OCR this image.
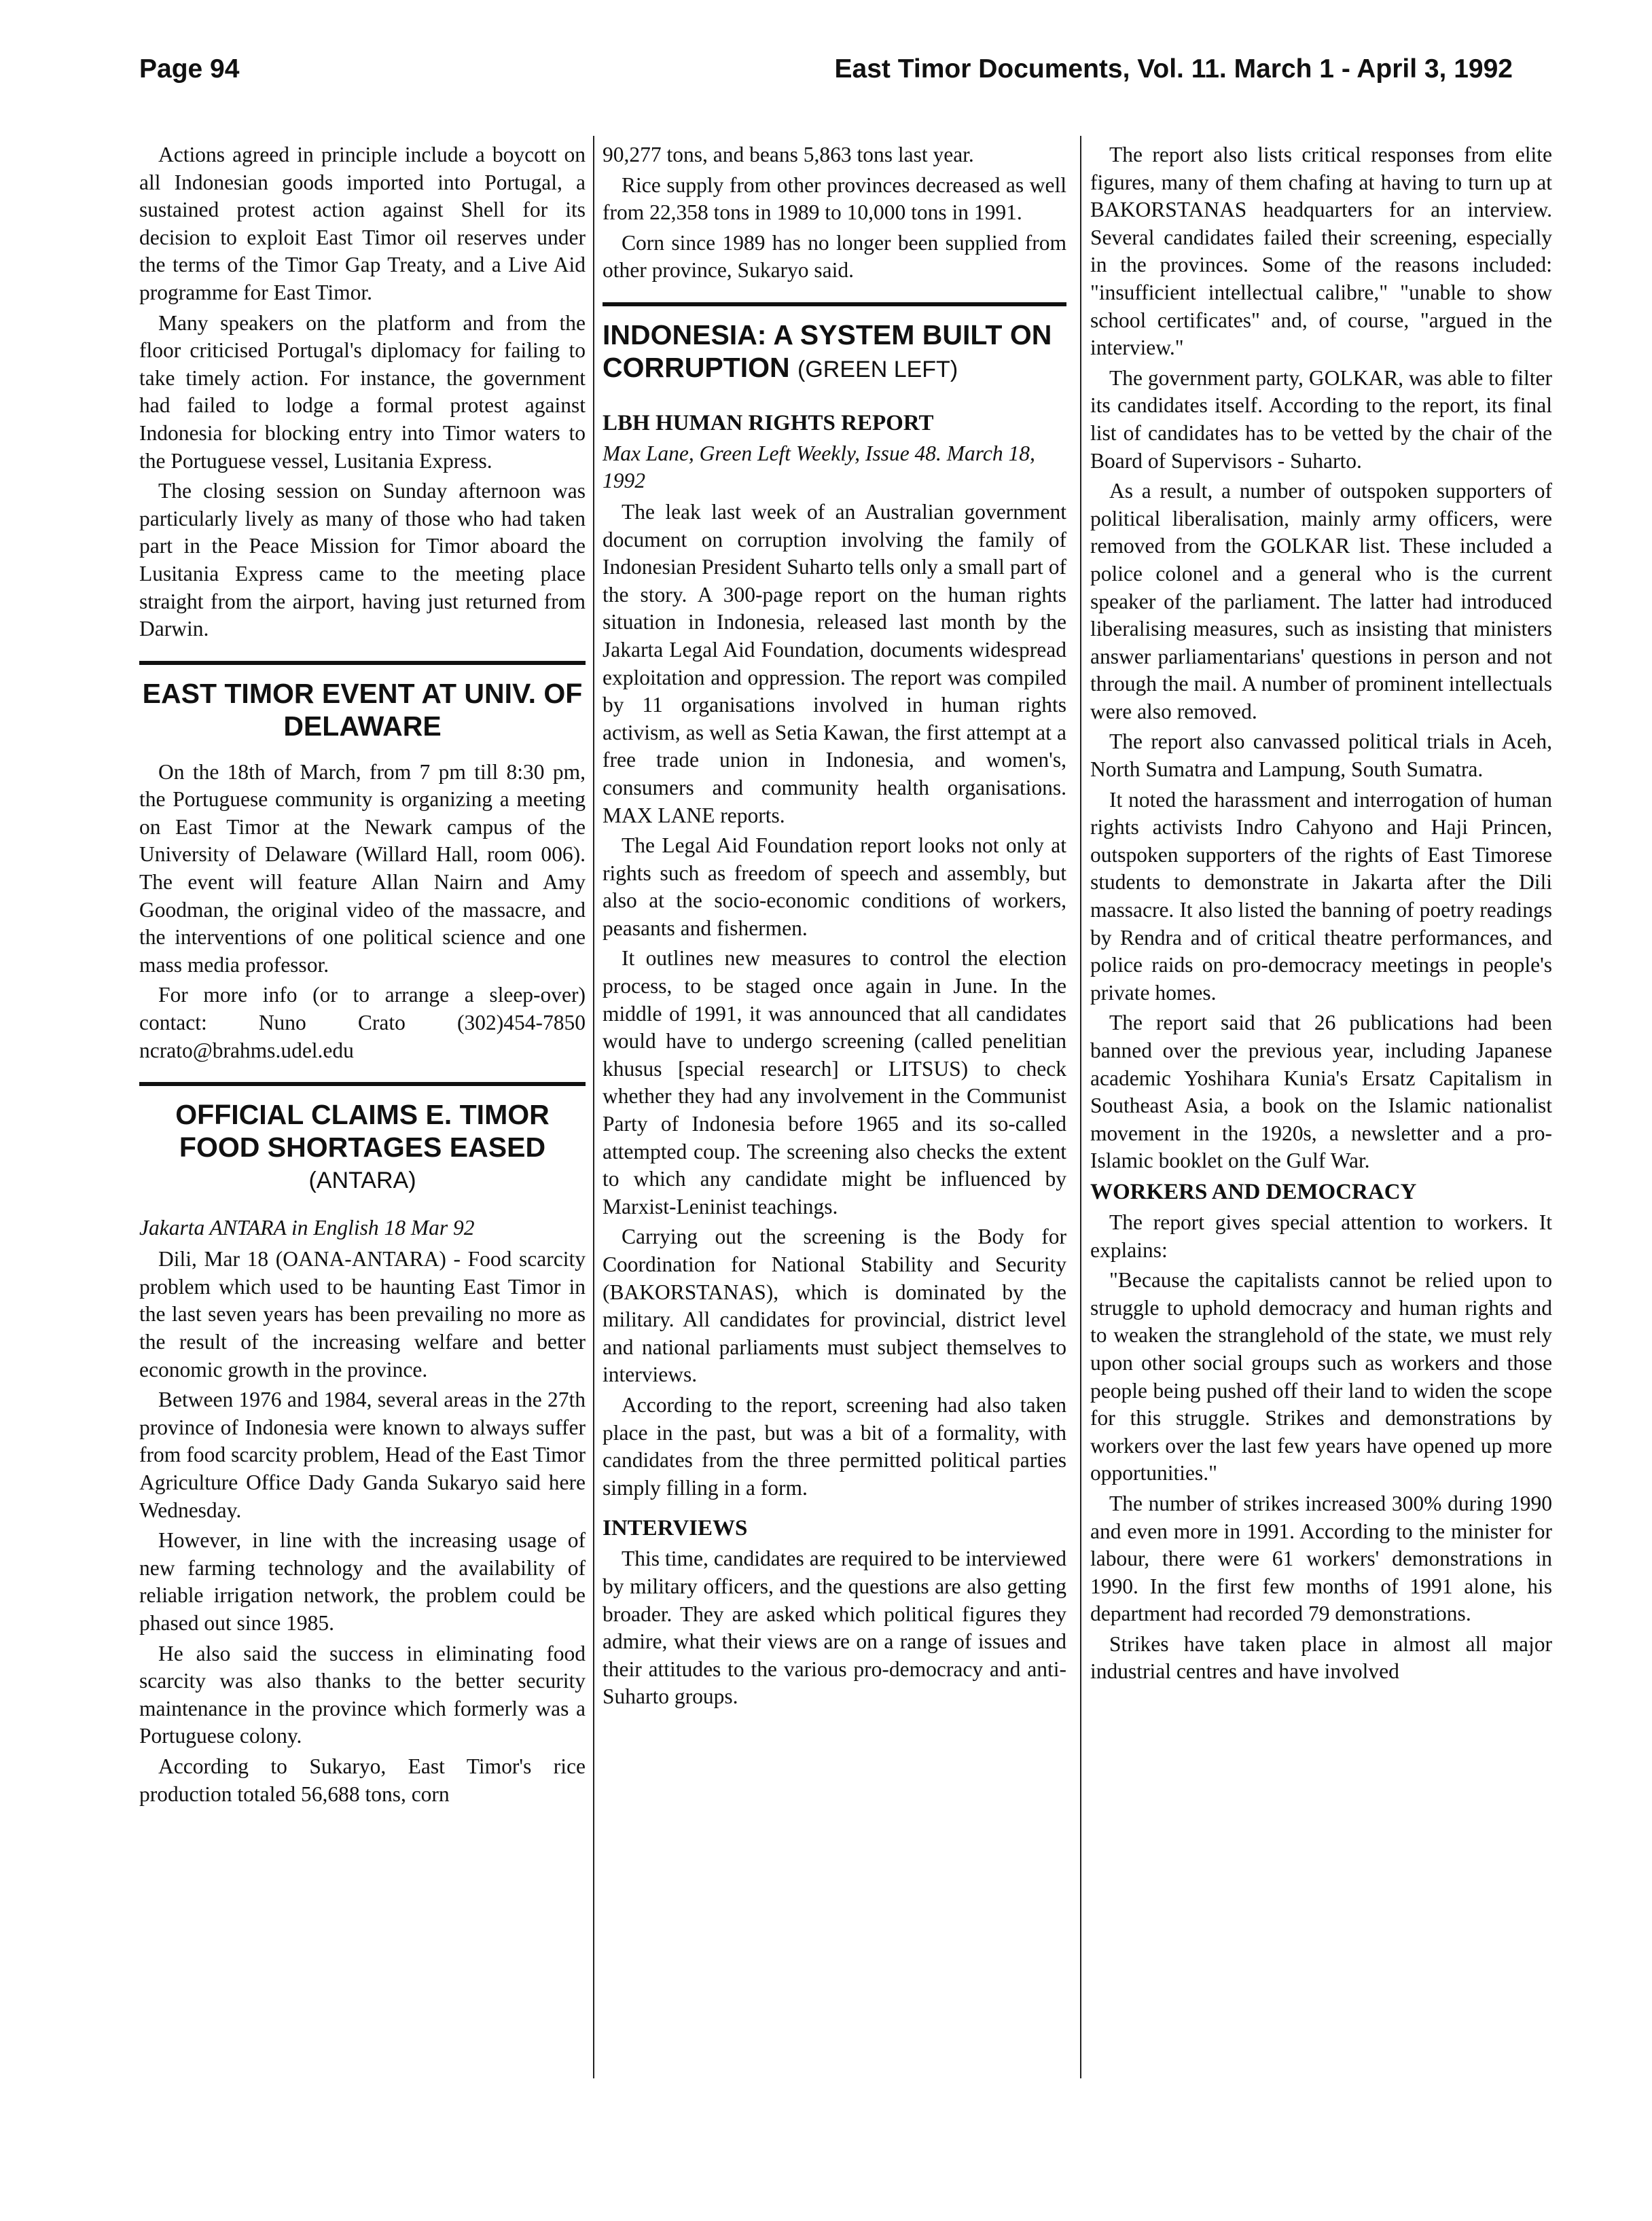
Page 94	East Timor Documents, Vol. 11. March 1 - April 3, 1992

Actions agreed in principle include a boycott on all Indonesian goods imported into Portugal, a sustained protest action against Shell for its decision to exploit East Timor oil reserves under the terms of the Timor Gap Treaty, and a Live Aid programme for East Timor.

Many speakers on the platform and from the floor criticised Portugal's diplomacy for failing to take timely action. For instance, the government had failed to lodge a formal protest against Indonesia for blocking entry into Timor waters to the Portuguese vessel, Lusitania Express.

The closing session on Sunday afternoon was particularly lively as many of those who had taken part in the Peace Mission for Timor aboard the Lusitania Express came to the meeting place straight from the airport, having just returned from Darwin.

EAST TIMOR EVENT AT UNIV. OF DELAWARE

On the 18th of March, from 7 pm till 8:30 pm, the Portuguese community is organizing a meeting on East Timor at the Newark campus of the University of Delaware (Willard Hall, room 006). The event will feature Allan Nairn and Amy Goodman, the original video of the massacre, and the interventions of one political science and one mass media professor.

For more info (or to arrange a sleep-over) contact: Nuno Crato (302)454-7850 ncrato@brahms.udel.edu

OFFICIAL CLAIMS E. TIMOR FOOD SHORTAGES EASED
(ANTARA)
Jakarta ANTARA in English 18 Mar 92

Dili, Mar 18 (OANA-ANTARA) - Food scarcity problem which used to be haunting East Timor in the last seven years has been prevailing no more as the result of the increasing welfare and better economic growth in the province.

Between 1976 and 1984, several areas in the 27th province of Indonesia were known to always suffer from food scarcity problem, Head of the East Timor Agriculture Office Dady Ganda Sukaryo said here Wednesday.

However, in line with the increasing usage of new farming technology and the availability of reliable irrigation network, the problem could be phased out since 1985.

He also said the success in eliminating food scarcity was also thanks to the better security maintenance in the province which formerly was a Portuguese colony.

According to Sukaryo, East Timor's rice production totaled 56,688 tons, corn

90,277 tons, and beans 5,863 tons last year.

Rice supply from other provinces decreased as well from 22,358 tons in 1989 to 10,000 tons in 1991.

Corn since 1989 has no longer been supplied from other province, Sukaryo said.

INDONESIA: A SYSTEM BUILT ON CORRUPTION (GREEN LEFT)
LBH HUMAN RIGHTS REPORT
Max Lane, Green Left Weekly, Issue 48. March 18, 1992

The leak last week of an Australian government document on corruption involving the family of Indonesian President Suharto tells only a small part of the story. A 300-page report on the human rights situation in Indonesia, released last month by the Jakarta Legal Aid Foundation, documents widespread exploitation and oppression. The report was compiled by 11 organisations involved in human rights activism, as well as Setia Kawan, the first attempt at a free trade union in Indonesia, and women's, consumers and community health organisations. MAX LANE reports.

The Legal Aid Foundation report looks not only at rights such as freedom of speech and assembly, but also at the socio-economic conditions of workers, peasants and fishermen.

It outlines new measures to control the election process, to be staged once again in June. In the middle of 1991, it was announced that all candidates would have to undergo screening (called penelitian khusus [special research] or LITSUS) to check whether they had any involvement in the Communist Party of Indonesia before 1965 and its so-called attempted coup. The screening also checks the extent to which any candidate might be influenced by Marxist-Leninist teachings.

Carrying out the screening is the Body for Coordination for National Stability and Security (BAKORSTANAS), which is dominated by the military. All candidates for provincial, district level and national parliaments must subject themselves to interviews.

According to the report, screening had also taken place in the past, but was a bit of a formality, with candidates from the three permitted political parties simply filling in a form.

INTERVIEWS

This time, candidates are required to be interviewed by military officers, and the questions are also getting broader. They are asked which political figures they admire, what their views are on a range of issues and their attitudes to the various pro-democracy and anti-Suharto groups.

The report also lists critical responses from elite figures, many of them chafing at having to turn up at BAKORSTANAS headquarters for an interview. Several candidates failed their screening, especially in the provinces. Some of the reasons included: "insufficient intellectual calibre," "unable to show school certificates" and, of course, "argued in the interview."

The government party, GOLKAR, was able to filter its candidates itself. According to the report, its final list of candidates has to be vetted by the chair of the Board of Supervisors - Suharto.

As a result, a number of outspoken supporters of political liberalisation, mainly army officers, were removed from the GOLKAR list. These included a police colonel and a general who is the current speaker of the parliament. The latter had introduced liberalising measures, such as insisting that ministers answer parliamentarians' questions in person and not through the mail. A number of prominent intellectuals were also removed.

The report also canvassed political trials in Aceh, North Sumatra and Lampung, South Sumatra.

It noted the harassment and interrogation of human rights activists Indro Cahyono and Haji Princen, outspoken supporters of the rights of East Timorese students to demonstrate in Jakarta after the Dili massacre. It also listed the banning of poetry readings by Rendra and of critical theatre performances, and police raids on pro-democracy meetings in people's private homes.

The report said that 26 publications had been banned over the previous year, including Japanese academic Yoshihara Kunia's Ersatz Capitalism in Southeast Asia, a book on the Islamic nationalist movement in the 1920s, a newsletter and a pro-Islamic booklet on the Gulf War.

WORKERS AND DEMOCRACY

The report gives special attention to workers. It explains:

"Because the capitalists cannot be relied upon to struggle to uphold democracy and human rights and to weaken the stranglehold of the state, we must rely upon other social groups such as workers and those people being pushed off their land to widen the scope for this struggle. Strikes and demonstrations by workers over the last few years have opened up more opportunities."

The number of strikes increased 300% during 1990 and even more in 1991. According to the minister for labour, there were 61 workers' demonstrations in 1990. In the first few months of 1991 alone, his department had recorded 79 demonstrations.

Strikes have taken place in almost all major industrial centres and have involved
